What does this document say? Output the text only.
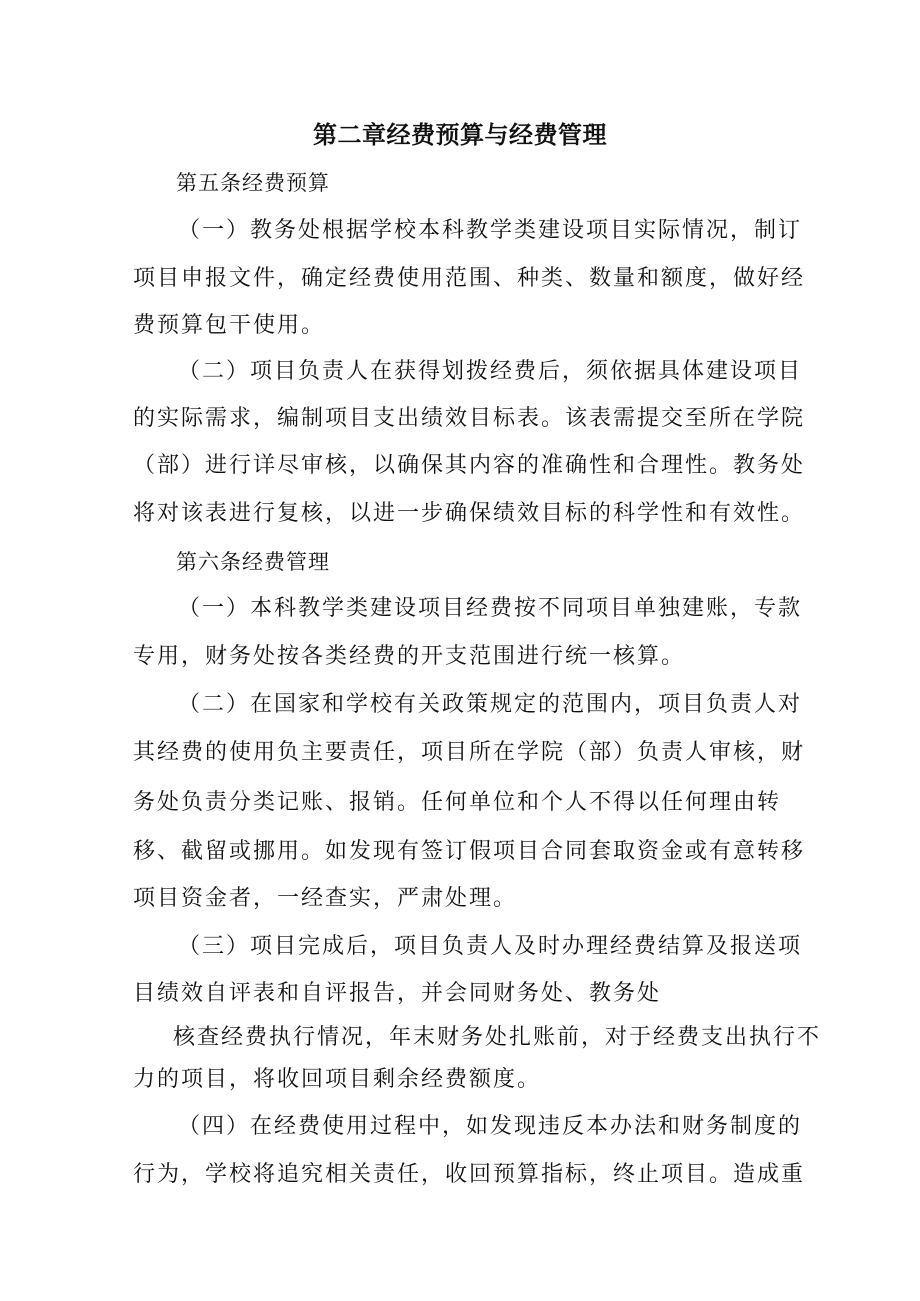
第二章经费预算与经费管理
第五条经费预算
（一）教务处根据学校本科教学类建设项目实际情况，制订
项目申报文件，确定经费使用范围、种类、数量和额度，做好经
费预算包干使用。
（二）项目负责人在获得划拨经费后，须依据具体建设项目
的实际需求，编制项目支出绩效目标表。该表需提交至所在学院
（部）进行详尽审核，以确保其内容的准确性和合理性。教务处
将对该表进行复核，以进一步确保绩效目标的科学性和有效性。
第六条经费管理
（一）本科教学类建设项目经费按不同项目单独建账，专款
专用，财务处按各类经费的开支范围进行统一核算。
（二）在国家和学校有关政策规定的范围内，项目负责人对
其经费的使用负主要责任，项目所在学院（部）负责人审核，财
务处负责分类记账、报销。任何单位和个人不得以任何理由转
移、截留或挪用。如发现有签订假项目合同套取资金或有意转移
项目资金者，一经查实，严肃处理。
（三）项目完成后，项目负责人及时办理经费结算及报送项
目绩效自评表和自评报告，并会同财务处、教务处
核查经费执行情况，年末财务处扎账前，对于经费支出执行不
力的项目，将收回项目剩余经费额度。
（四）在经费使用过程中，如发现违反本办法和财务制度的
行为，学校将追究相关责任，收回预算指标，终止项目。造成重
